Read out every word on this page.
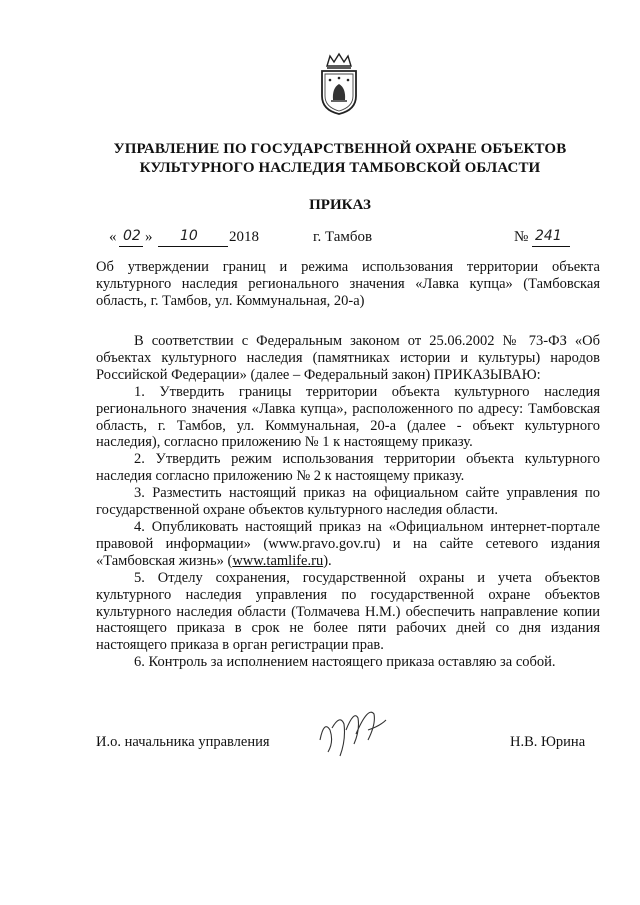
УПРАВЛЕНИЕ ПО ГОСУДАРСТВЕННОЙ ОХРАНЕ ОБЪЕКТОВ
КУЛЬТУРНОГО НАСЛЕДИЯ ТАМБОВСКОЙ ОБЛАСТИ
ПРИКАЗ
« 02 » 10 2018	г. Тамбов	№ 241
Об утверждении границ и режима использования территории объекта культурного наследия регионального значения «Лавка купца» (Тамбовская область, г. Тамбов, ул. Коммунальная, 20-а)

В соответствии с Федеральным законом от 25.06.2002 № 73-ФЗ «Об объектах культурного наследия (памятниках истории и культуры) народов Российской Федерации» (далее – Федеральный закон) ПРИКАЗЫВАЮ:

1. Утвердить границы территории объекта культурного наследия регионального значения «Лавка купца», расположенного по адресу: Тамбовская область, г. Тамбов, ул. Коммунальная, 20-а (далее - объект культурного наследия), согласно приложению № 1 к настоящему приказу.

2. Утвердить режим использования территории объекта культурного наследия согласно приложению № 2 к настоящему приказу.

3. Разместить настоящий приказ на официальном сайте управления по государственной охране объектов культурного наследия области.

4. Опубликовать настоящий приказ на «Официальном интернет-портале правовой информации» (www.pravo.gov.ru) и на сайте сетевого издания «Тамбовская жизнь» (www.tamlife.ru).

5. Отделу сохранения, государственной охраны и учета объектов культурного наследия управления по государственной охране объектов культурного наследия области (Толмачева Н.М.) обеспечить направление копии настоящего приказа в срок не более пяти рабочих дней со дня издания настоящего приказа в орган регистрации прав.

6. Контроль за исполнением настоящего приказа оставляю за собой.

И.о. начальника управления	Н.В. Юрина
